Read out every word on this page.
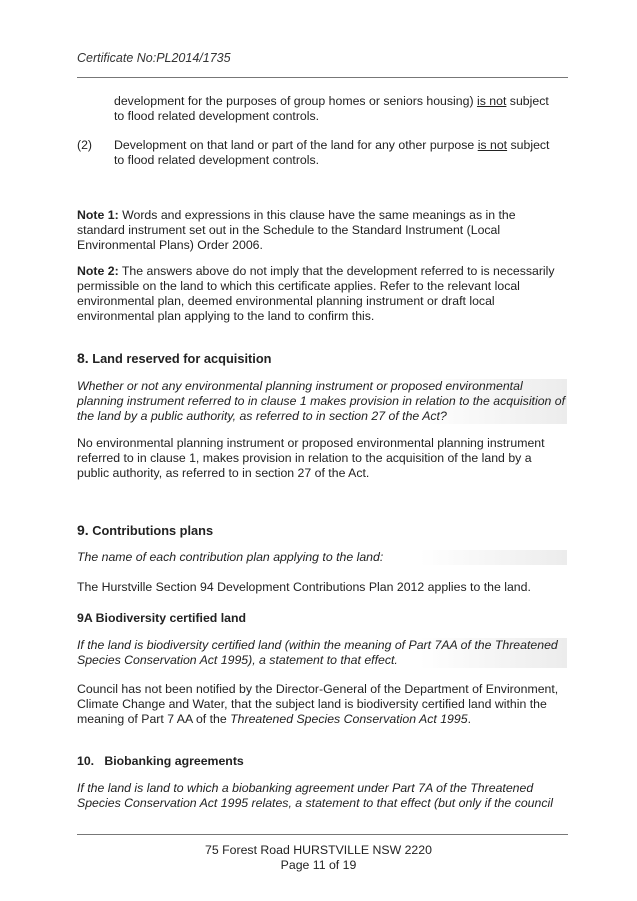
Certificate No:PL2014/1735
development for the purposes of group homes or seniors housing) is not subject
to flood related development controls.
(2) Development on that land or part of the land for any other purpose is not subject
to flood related development controls.

Note 1: Words and expressions in this clause have the same meanings as in the standard instrument set out in the Schedule to the Standard Instrument (Local Environmental Plans) Order 2006.

Note 2: The answers above do not imply that the development referred to is necessarily permissible on the land to which this certificate applies. Refer to the relevant local environmental plan, deemed environmental planning instrument or draft local environmental plan applying to the land to confirm this.

8. Land reserved for acquisition

Whether or not any environmental planning instrument or proposed environmental planning instrument referred to in clause 1 makes provision in relation to the acquisition of the land by a public authority, as referred to in section 27 of the Act?

No environmental planning instrument or proposed environmental planning instrument referred to in clause 1, makes provision in relation to the acquisition of the land by a public authority, as referred to in section 27 of the Act.

9. Contributions plans

The name of each contribution plan applying to the land:

The Hurstville Section 94 Development Contributions Plan 2012 applies to the land.

9A Biodiversity certified land

If the land is biodiversity certified land (within the meaning of Part 7AA of the Threatened Species Conservation Act 1995), a statement to that effect.

Council has not been notified by the Director-General of the Department of Environment, Climate Change and Water, that the subject land is biodiversity certified land within the meaning of Part 7 AA of the Threatened Species Conservation Act 1995.

10. Biobanking agreements

If the land is land to which a biobanking agreement under Part 7A of the Threatened Species Conservation Act 1995 relates, a statement to that effect (but only if the council

75 Forest Road HURSTVILLE NSW 2220
Page 11 of 19
